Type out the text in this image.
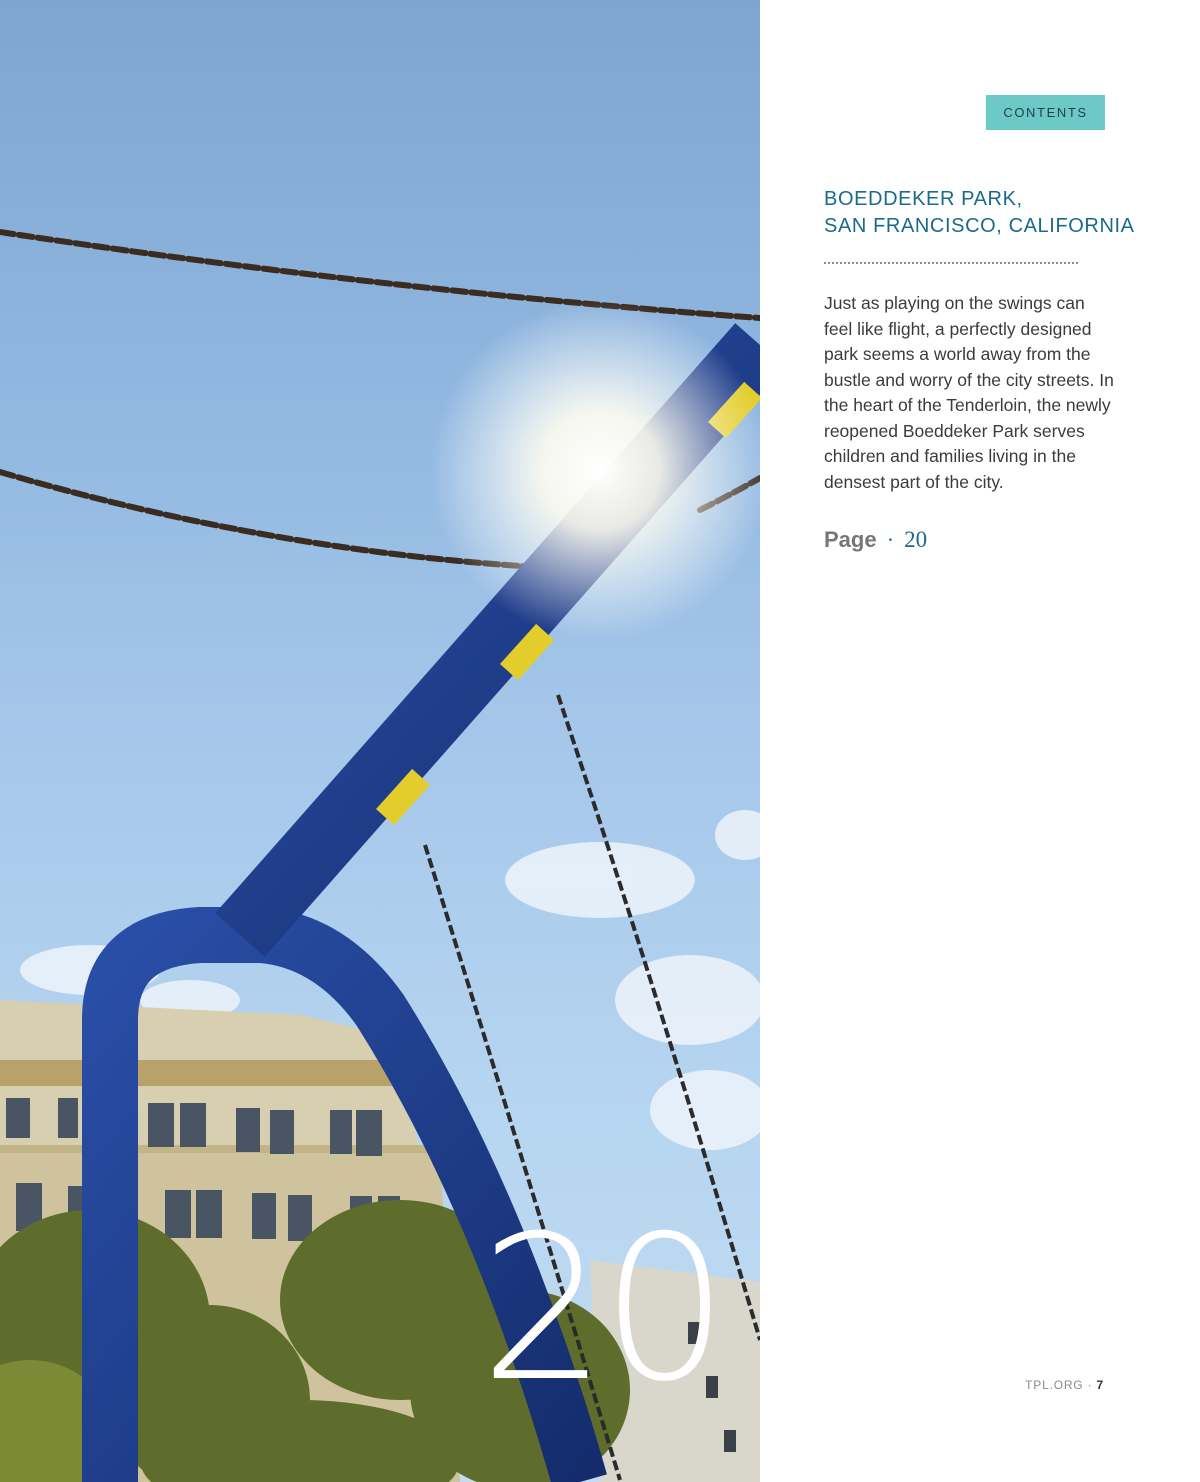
20
CONTENTS
BOEDDEKER PARK,
SAN FRANCISCO, CALIFORNIA

Just as playing on the swings can feel like flight, a perfectly designed park seems a world away from the bustle and worry of the city streets. In the heart of the Tenderloin, the newly reopened Boeddeker Park serves children and families living in the densest part of the city.

Page · 20
TPL.ORG · 7
